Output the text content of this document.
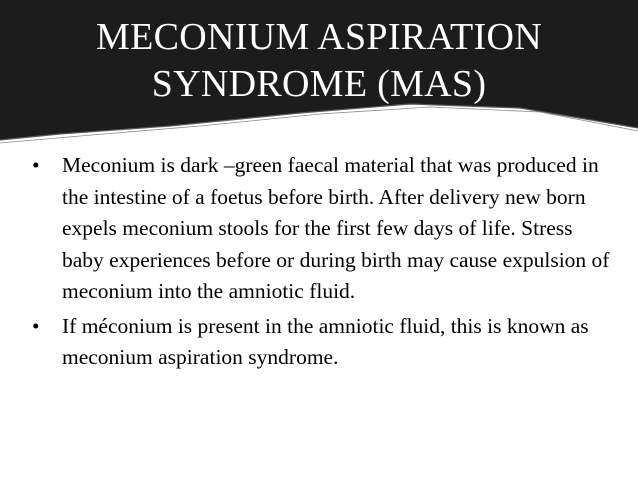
MECONIUM ASPIRATION
SYNDROME (MAS)
•	Meconium is dark –green faecal material that was produced in the intestine of a foetus before birth. After delivery new born expels meconium stools for the first few days of life. Stress baby experiences before or during birth may cause expulsion of meconium into the amniotic fluid.
•	If méconium is present in the amniotic fluid, this is known as meconium aspiration syndrome.
